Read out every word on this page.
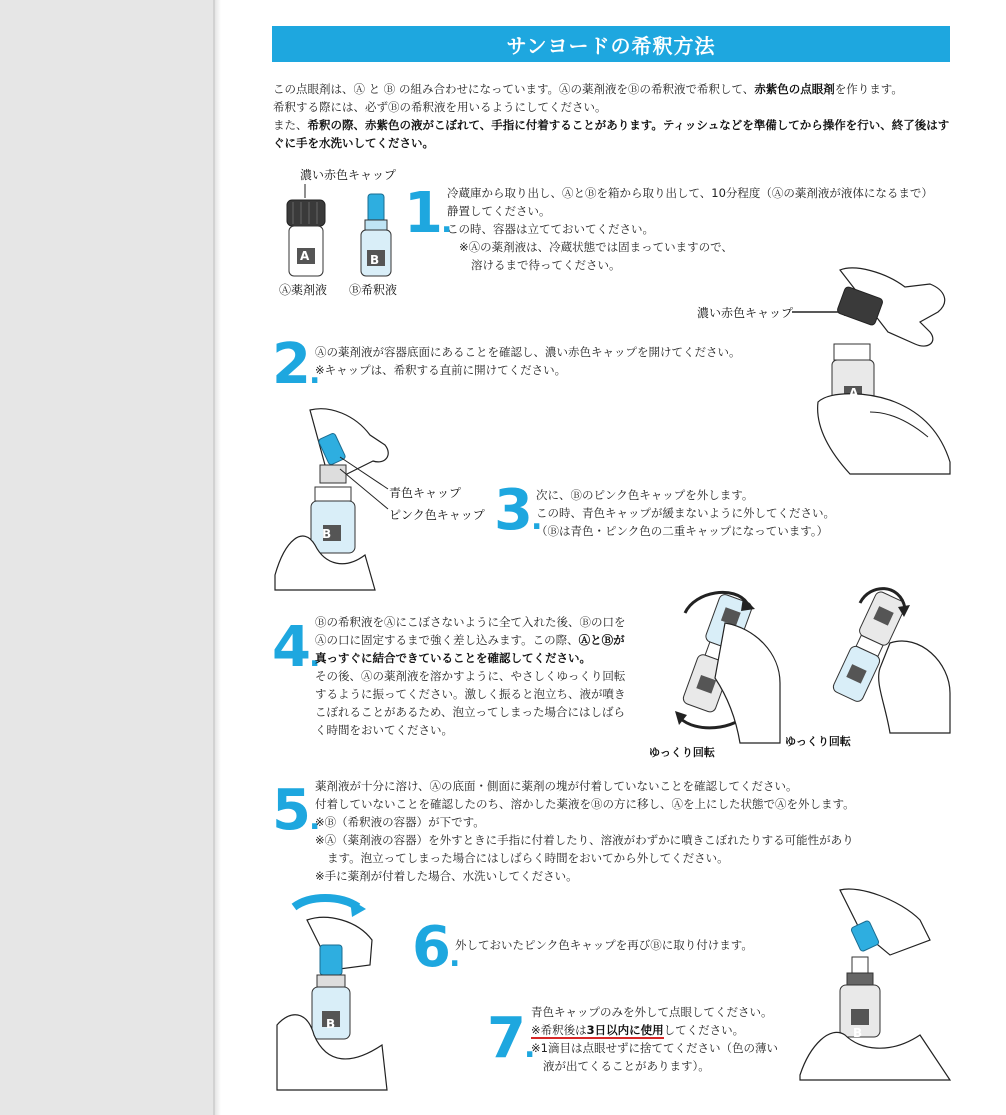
サンヨードの希釈方法

この点眼剤は、Ⓐ と Ⓑ の組み合わせになっています。Ⓐの薬剤液をⒷの希釈液で希釈して、赤紫色の点眼剤を作ります。

希釈する際には、必ずⒷの希釈液を用いるようにしてください。

また、希釈の際、赤紫色の液がこぼれて、手指に付着することがあります。ティッシュなどを準備してから操作を行い、終了後はすぐに手を水洗いしてください。

濃い赤色キャップ
A	B
Ⓐ薬剤液 Ⓑ希釈液
1.

冷蔵庫から取り出し、ⒶとⒷを箱から取り出して、10分程度（Ⓐの薬剤液が液体になるまで）

静置してください。

この時、容器は立てておいてください。

※Ⓐの薬剤液は、冷蔵状態では固まっていますので、

溶けるまで待ってください。

濃い赤色キャップ
A
2.

Ⓐの薬剤液が容器底面にあることを確認し、濃い赤色キャップを開けてください。

※キャップは、希釈する直前に開けてください。

B
青色キャップ
ピンク色キャップ 3.

次に、Ⓑのピンク色キャップを外します。

この時、青色キャップが緩まないように外してください。

（Ⓑは青色・ピンク色の二重キャップになっています。）

4.

Ⓑの希釈液をⒶにこぼさないように全て入れた後、Ⓑの口を

Ⓐの口に固定するまで強く差し込みます。この際、ⒶとⒷが

真っすぐに結合できていることを確認してください。

その後、Ⓐの薬剤液を溶かすように、やさしくゆっくり回転

するように振ってください。激しく振ると泡立ち、液が噴き

こぼれることがあるため、泡立ってしまった場合にはしばら

く時間をおいてください。

ゆっくり回転
ゆっくり回転
5.

薬剤液が十分に溶け、Ⓐの底面・側面に薬剤の塊が付着していないことを確認してください。

付着していないことを確認したのち、溶かした薬液をⒷの方に移し、Ⓐを上にした状態でⒶを外します。

※Ⓑ（希釈液の容器）が下です。

※Ⓐ（薬剤液の容器）を外すときに手指に付着したり、溶液がわずかに噴きこぼれたりする可能性があり

ます。泡立ってしまった場合にはしばらく時間をおいてから外してください。

※手に薬剤が付着した場合、水洗いしてください。

B
6.

外しておいたピンク色キャップを再びⒷに取り付けます。

7.

青色キャップのみを外して点眼してください。

※希釈後は3日以内に使用してください。

※1滴目は点眼せずに捨ててください（色の薄い

液が出てくることがあります）。

B
